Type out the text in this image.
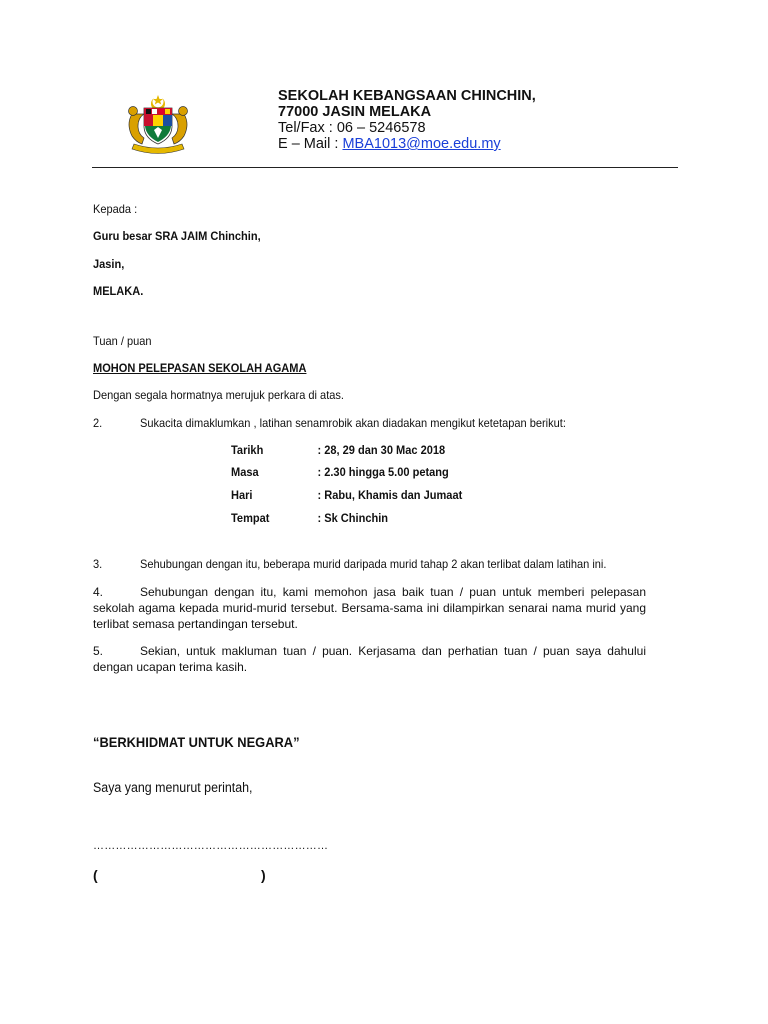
SEKOLAH KEBANGSAAN CHINCHIN,
77000 JASIN MELAKA
Tel/Fax : 06 – 5246578
E – Mail : MBA1013@moe.edu.my
Kepada :
Guru besar SRA JAIM Chinchin,
Jasin,
MELAKA.
Tuan / puan
MOHON PELEPASAN SEKOLAH AGAMA
Dengan segala hormatnya merujuk perkara di atas.
2.	Sukacita dimaklumkan , latihan senamrobik akan diadakan mengikut ketetapan berikut:
Tarikh	: 28, 29 dan 30 Mac 2018
Masa	: 2.30 hingga 5.00 petang
Hari	: Rabu, Khamis dan Jumaat
Tempat	: Sk Chinchin
3.	Sehubungan dengan itu, beberapa murid daripada murid tahap 2 akan terlibat dalam latihan ini.
4.	Sehubungan dengan itu, kami memohon jasa baik tuan / puan untuk memberi pelepasan sekolah agama kepada murid-murid tersebut. Bersama-sama ini dilampirkan senarai nama murid yang terlibat semasa pertandingan tersebut.
5.	Sekian, untuk makluman tuan / puan. Kerjasama dan perhatian tuan / puan saya dahului dengan ucapan terima kasih.
“BERKHIDMAT UNTUK NEGARA”
Saya yang menurut perintah,
………………………………………………………
(	)
